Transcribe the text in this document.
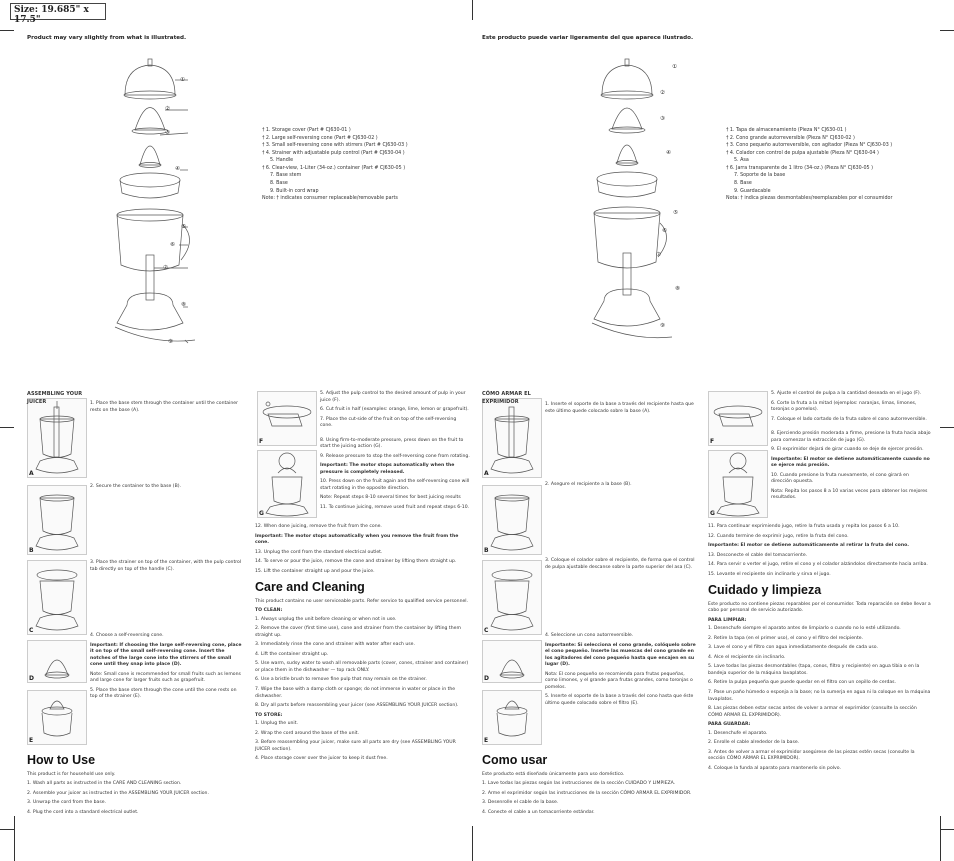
Size: 19.685" x 17.5"
Product may vary slightly from what is illustrated.	Este producto puede variar ligeramente del que aparece ilustrado.
①
②
③
④
⑤
⑥
⑦
⑧
⑨
† 1. Storage cover (Part # CJ630-01 )
† 2. Large self-reversing cone (Part # CJ630-02 )
† 3. Small self-reversing cone with stirrers (Part # CJ630-03 )
† 4. Strainer with adjustable pulp control (Part # CJ630-04 )
5. Handle
† 6. Clear-view, 1-Liter (34-oz.) container (Part # CJ630-05 )
7. Base stem
8. Base
9. Built-in cord wrap
Note: † indicates consumer replaceable/removable parts
①
②
③
④
⑤
⑥
⑦
⑧
⑨
† 1. Tapa de almacenamiento (Pieza N° CJ630-01 )
† 2. Cono grande autorreversible (Pieza N° CJ630-02 )
† 3. Cono pequeño autorreversible, con agitador (Pieza N° CJ630-03 )
† 4. Colador con control de pulpa ajustable (Pieza N° CJ630-04 )
5. Asa
† 6. Jarra transparente de 1 litro (34-oz.) (Pieza N° CJ630-05 )
7. Soporte de la base
8. Base
9. Guardacable
Nota: † indica piezas desmontables/reemplazables por el consumidor
A
B
C
D
E
ASSEMBLING YOUR JUICER	1. Place the base stem through the container until the container rests on the base (A).

2. Secure the container to the base (B).

3. Place the strainer on top of the container, with the pulp control tab directly on top of the handle (C).

4. Choose a self-reversing cone.

Important: If choosing the large self-reversing cone, place it on top of the small self-reversing cone. Insert the notches of the large cone into the stirrers of the small cone until they snap into place (D).

Note: Small cone is recommended for small fruits such as lemons and large cone for larger fruits such as grapefruit.

5. Place the base stem through the cone until the cone rests on top of the strainer (E).

How to Use

This product is for household use only.

1. Wash all parts as instructed in the CARE AND CLEANING section.

2. Assemble your juicer as instructed in the ASSEMBLING YOUR JUICER section.

3. Unwrap the cord from the base.

4. Plug the cord into a standard electrical outlet.

F
G

5. Adjust the pulp control to the desired amount of pulp in your juice (F).

6. Cut fruit in half (examples: orange, lime, lemon or grapefruit).

7. Place the cut-side of the fruit on top of the self-reversing cone.

8. Using firm-to-moderate pressure, press down on the fruit to start the juicing action (G).

9. Release pressure to stop the self-reversing cone from rotating.

Important: The motor stops automatically when the pressure is completely released.

10. Press down on the fruit again and the self-reversing cone will start rotating in the opposite direction.

Note: Repeat steps 8-10 several times for best juicing results

11. To continue juicing, remove used fruit and repeat steps 6-10.

12. When done juicing, remove the fruit from the cone.

Important: The motor stops automatically when you remove the fruit from the cone.

13. Unplug the cord from the standard electrical outlet.

14. To serve or pour the juice, remove the cone and strainer by lifting them straight up.

15. Lift the container straight up and pour the juice.

Care and Cleaning

This product contains no user serviceable parts. Refer service to qualified service personnel.

TO CLEAN:

1. Always unplug the unit before cleaning or when not in use.

2. Remove the cover (first time use), cone and strainer from the container by lifting them straight up.

3. Immediately rinse the cone and strainer with water after each use.

4. Lift the container straight up.

5. Use warm, sudsy water to wash all removable parts (cover, cones, strainer and container) or place them in the dishwasher — top rack ONLY.

6. Use a bristle brush to remove fine pulp that may remain on the strainer.

7. Wipe the base with a damp cloth or sponge; do not immerse in water or place in the dishwasher.

8. Dry all parts before reassembling your juicer (see ASSEMBLING YOUR JUICER section).

TO STORE:

1. Unplug the unit.

2. Wrap the cord around the base of the unit.

3. Before reassembling your juicer, make sure all parts are dry (see ASSEMBLING YOUR JUICER section).

4. Place storage cover over the juicer to keep it dust free.

A
B
C
D
E
CÓMO ARMAR EL EXPRIMIDOR	1. Inserte el soporte de la base a través del recipiente hasta que este último quede colocado sobre la base (A).

2. Asegure el recipiente a la base (B).

3. Coloque el colador sobre el recipiente, de forma que el control de pulpa ajustable descanse sobre la parte superior del asa (C).

4. Seleccione un cono autorreversible.

Importante: Si selecciona el cono grande, colóquelo sobre el cono pequeño. Inserte las muescas del cono grande en los agitadores del cono pequeño hasta que encajen en su lugar (D).

Nota: El cono pequeño se recomienda para frutas pequeñas, como limones, y el grande para frutas grandes, como toronjas o pomelos.

5. Inserte el soporte de la base a través del cono hasta que éste último quede colocado sobre el filtro (E).

Como usar

Este producto está diseñado únicamente para uso doméstico.

1. Lave todas las piezas según las instrucciones de la sección CUIDADO Y LIMPIEZA.

2. Arme el exprimidor según las instrucciones de la sección CÓMO ARMAR EL EXPRIMIDOR.

3. Desenrolle el cable de la base.

4. Conecte el cable a un tomacorriente estándar.

F
G

5. Ajuste el control de pulpa a la cantidad deseada en el jugo (F).

6. Corte la fruta a la mitad (ejemplos: naranjas, limas, limones, toronjas o pomelos).

7. Coloque el lado cortado de la fruta sobre el cono autorreversible.

8. Ejerciendo presión moderada a firme, presione la fruta hacia abajo para comenzar la extracción de jugo (G).

9. El exprimidor dejará de girar cuando se deje de ejercer presión.

Importante: El motor se detiene automáticamente cuando no se ejerce más presión.

10. Cuando presione la fruta nuevamente, el cono girará en dirección opuesta.

Nota: Repita los pasos 8 a 10 varias veces para obtener los mejores resultados.

11. Para continuar exprimiendo jugo, retire la fruta usada y repita los pasos 6 a 10.

12. Cuando termine de exprimir jugo, retire la fruta del cono.

Importante: El motor se detiene automáticamente al retirar la fruta del cono.

13. Desconecte el cable del tomacorriente.

14. Para servir o verter el jugo, retire el cono y el colador alzándolos directamente hacia arriba.

15. Levante el recipiente sin inclinarlo y sirva el jugo.

Cuidado y limpieza

Este producto no contiene piezas reparables por el consumidor. Toda reparación se debe llevar a cabo por personal de servicio autorizado.

PARA LIMPIAR:

1. Desenchufe siempre el aparato antes de limpiarlo o cuando no lo esté utilizando.

2. Retire la tapa (en el primer uso), el cono y el filtro del recipiente.

3. Lave el cono y el filtro con agua inmediatamente después de cada uso.

4. Alce el recipiente sin inclinarlo.

5. Lave todas las piezas desmontables (tapa, conos, filtro y recipiente) en agua tibia o en la bandeja superior de la máquina lavaplatos.

6. Retire la pulpa pequeña que puede quedar en el filtro con un cepillo de cerdas.

7. Pase un paño húmedo o esponja a la base; no la sumerja en agua ni la coloque en la máquina lavaplatos.

8. Las piezas deben estar secas antes de volver a armar el exprimidor (consulte la sección CÓMO ARMAR EL EXPRIMIDOR).

PARA GUARDAR:

1. Desenchufe el aparato.

2. Enrolle el cable alrededor de la base.

3. Antes de volver a armar el exprimidor asegúrese de las piezas estén secas (consulte la sección CÓMO ARMAR EL EXPRIMIDOR).

4. Coloque la funda al aparato para mantenerlo sin polvo.
